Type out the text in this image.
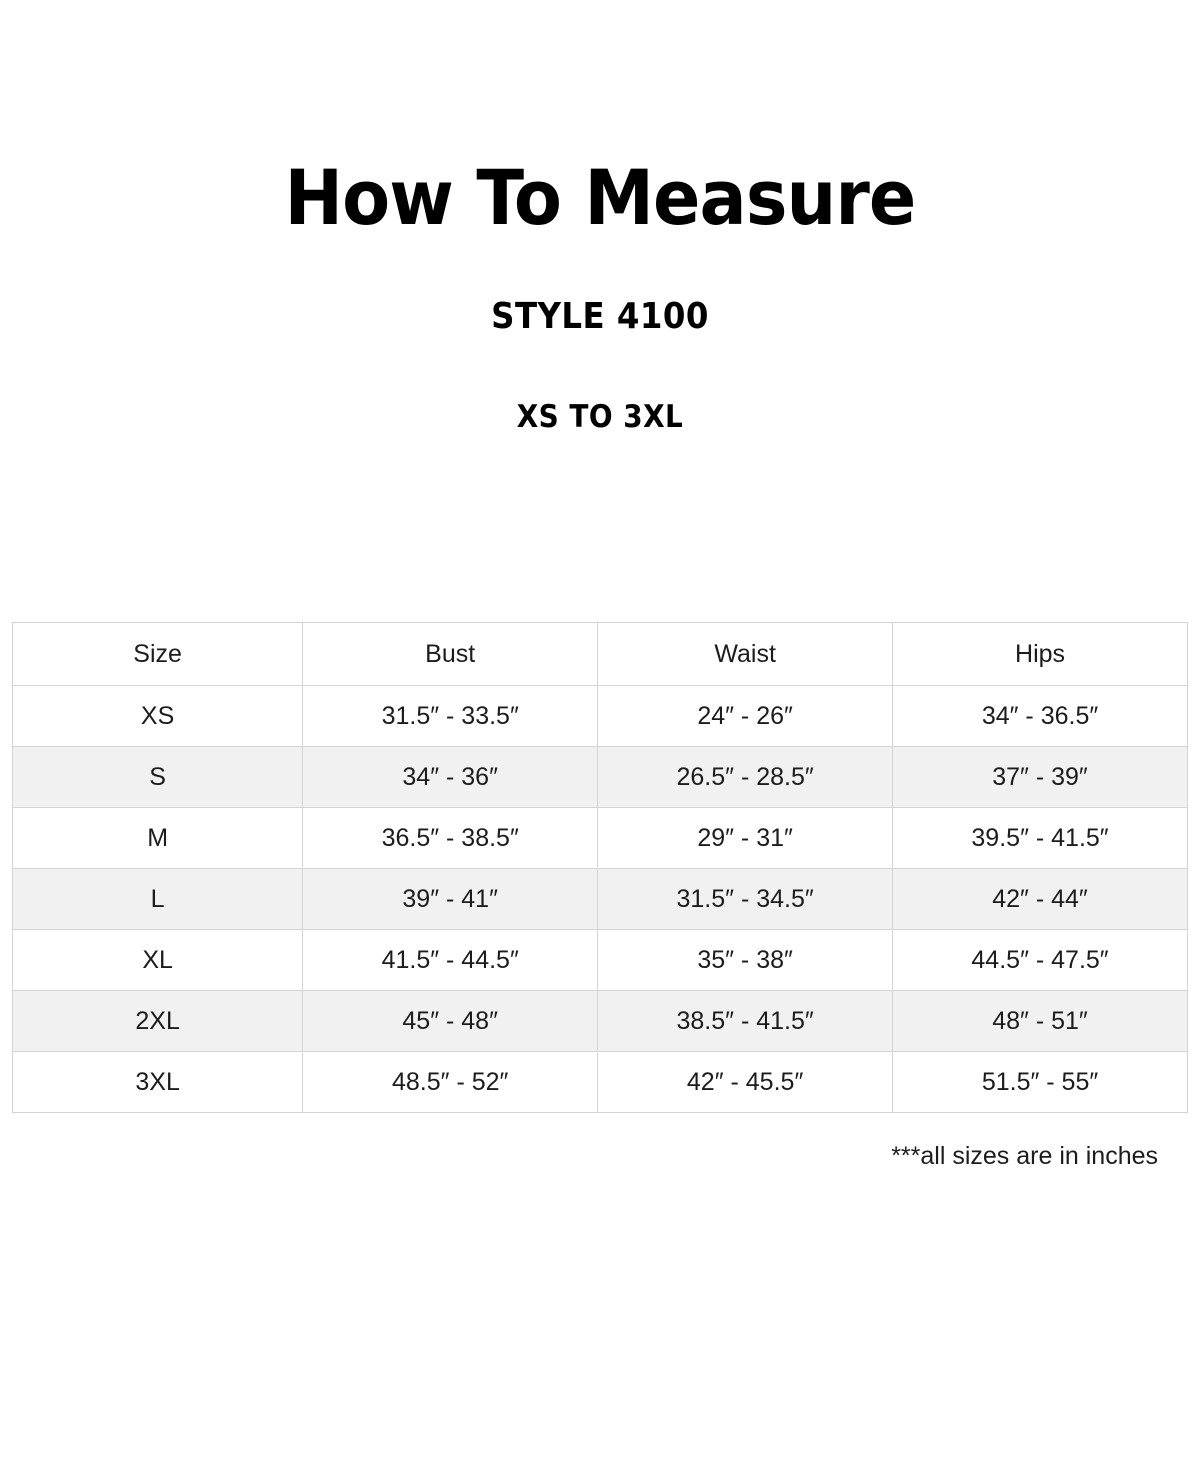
How To Measure
STYLE 4100
XS TO 3XL
Size	Bust	Waist	Hips
XS	31.5″ - 33.5″	24″ - 26″	34″ - 36.5″
S	34″ - 36″	26.5″ - 28.5″	37″ - 39″
M	36.5″ - 38.5″	29″ - 31″	39.5″ - 41.5″
L	39″ - 41″	31.5″ - 34.5″	42″ - 44″
XL	41.5″ - 44.5″	35″ - 38″	44.5″ - 47.5″
2XL	45″ - 48″	38.5″ - 41.5″	48″ - 51″
3XL	48.5″ - 52″	42″ - 45.5″	51.5″ - 55″
***all sizes are in inches
